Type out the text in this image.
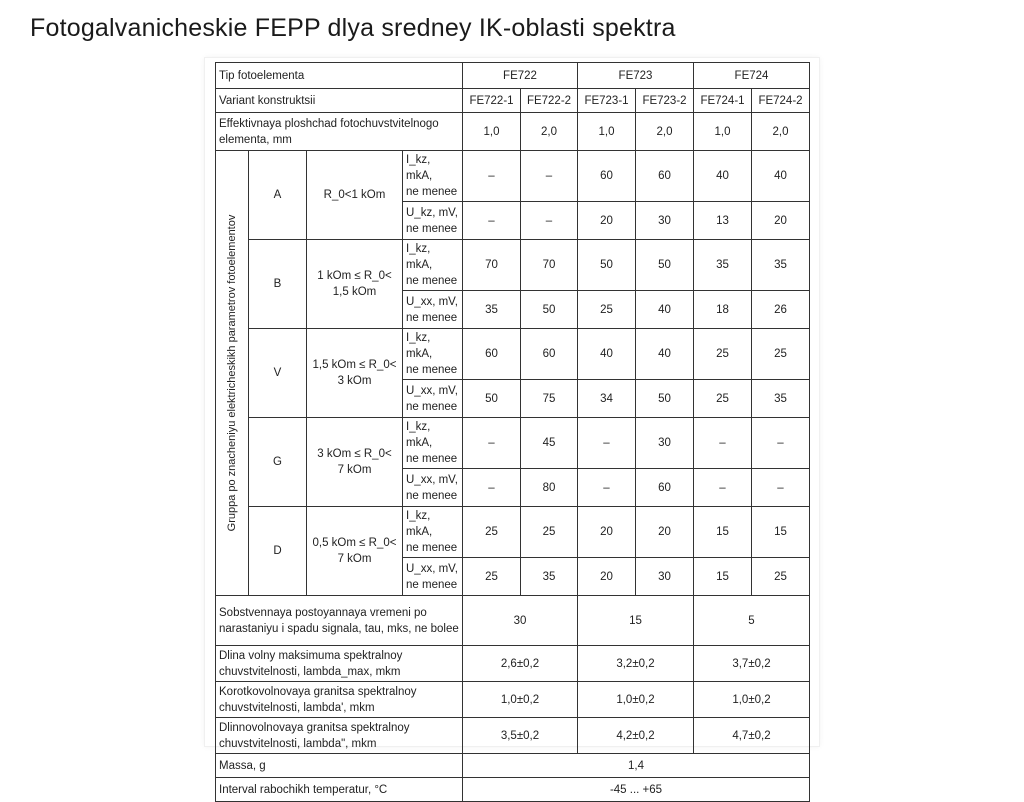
Fotogalvanicheskie FEPP dlya sredney IK-oblasti spektra
Tip fotoelementa				FE722		FE723		FE724	
Variant konstruktsii				FE722-1	FE722-2	FE723-1	FE723-2	FE724-1	FE724-2
Effektivnaya ploshchad fotochuvstvitelnogo elementa, mm				1,0	2,0	1,0	2,0	1,0	2,0

Gruppa po znacheniyu elektricheskikh parametrov fotoelementov	A	R_0<1 kOm	I_kz, mkA,
ne menee	–	–	60	60	40	40
			U_kz, mV,
ne menee	–	–	20	30	13	20
	B	1 kOm ≤ R_0<
1,5 kOm	I_kz, mkA,
ne menee	70	70	50	50	35	35
			U_xx, mV,
ne menee	35	50	25	40	18	26
	V	1,5 kOm ≤ R_0<
3 kOm	I_kz, mkA,
ne menee	60	60	40	40	25	25
			U_xx, mV,
ne menee	50	75	34	50	25	35
	G	3 kOm ≤ R_0<
7 kOm	I_kz, mkA,
ne menee	–	45	–	30	–	–
			U_xx, mV,
ne menee	–	80	–	60	–	–
	D	0,5 kOm ≤ R_0<
7 kOm	I_kz, mkA,
ne menee	25	25	20	20	15	15
			U_xx, mV,
ne menee	25	35	20	30	15	25
Sobstvennaya postoyannaya vremeni po narastaniyu i spadu signala, tau, mks, ne bolee				30		15		5	
Dlina volny maksimuma spektralnoy chuvstvitelnosti, lambda_max, mkm				2,6±0,2		3,2±0,2		3,7±0,2	
Korotkovolnovaya granitsa spektralnoy chuvstvitelnosti, lambda', mkm				1,0±0,2		1,0±0,2		1,0±0,2	
Dlinnovolnovaya granitsa spektralnoy chuvstvitelnosti, lambda", mkm				3,5±0,2		4,2±0,2		4,7±0,2	
Massa, g				1,4					
Interval rabochikh temperatur, °C				-45 ... +65					
